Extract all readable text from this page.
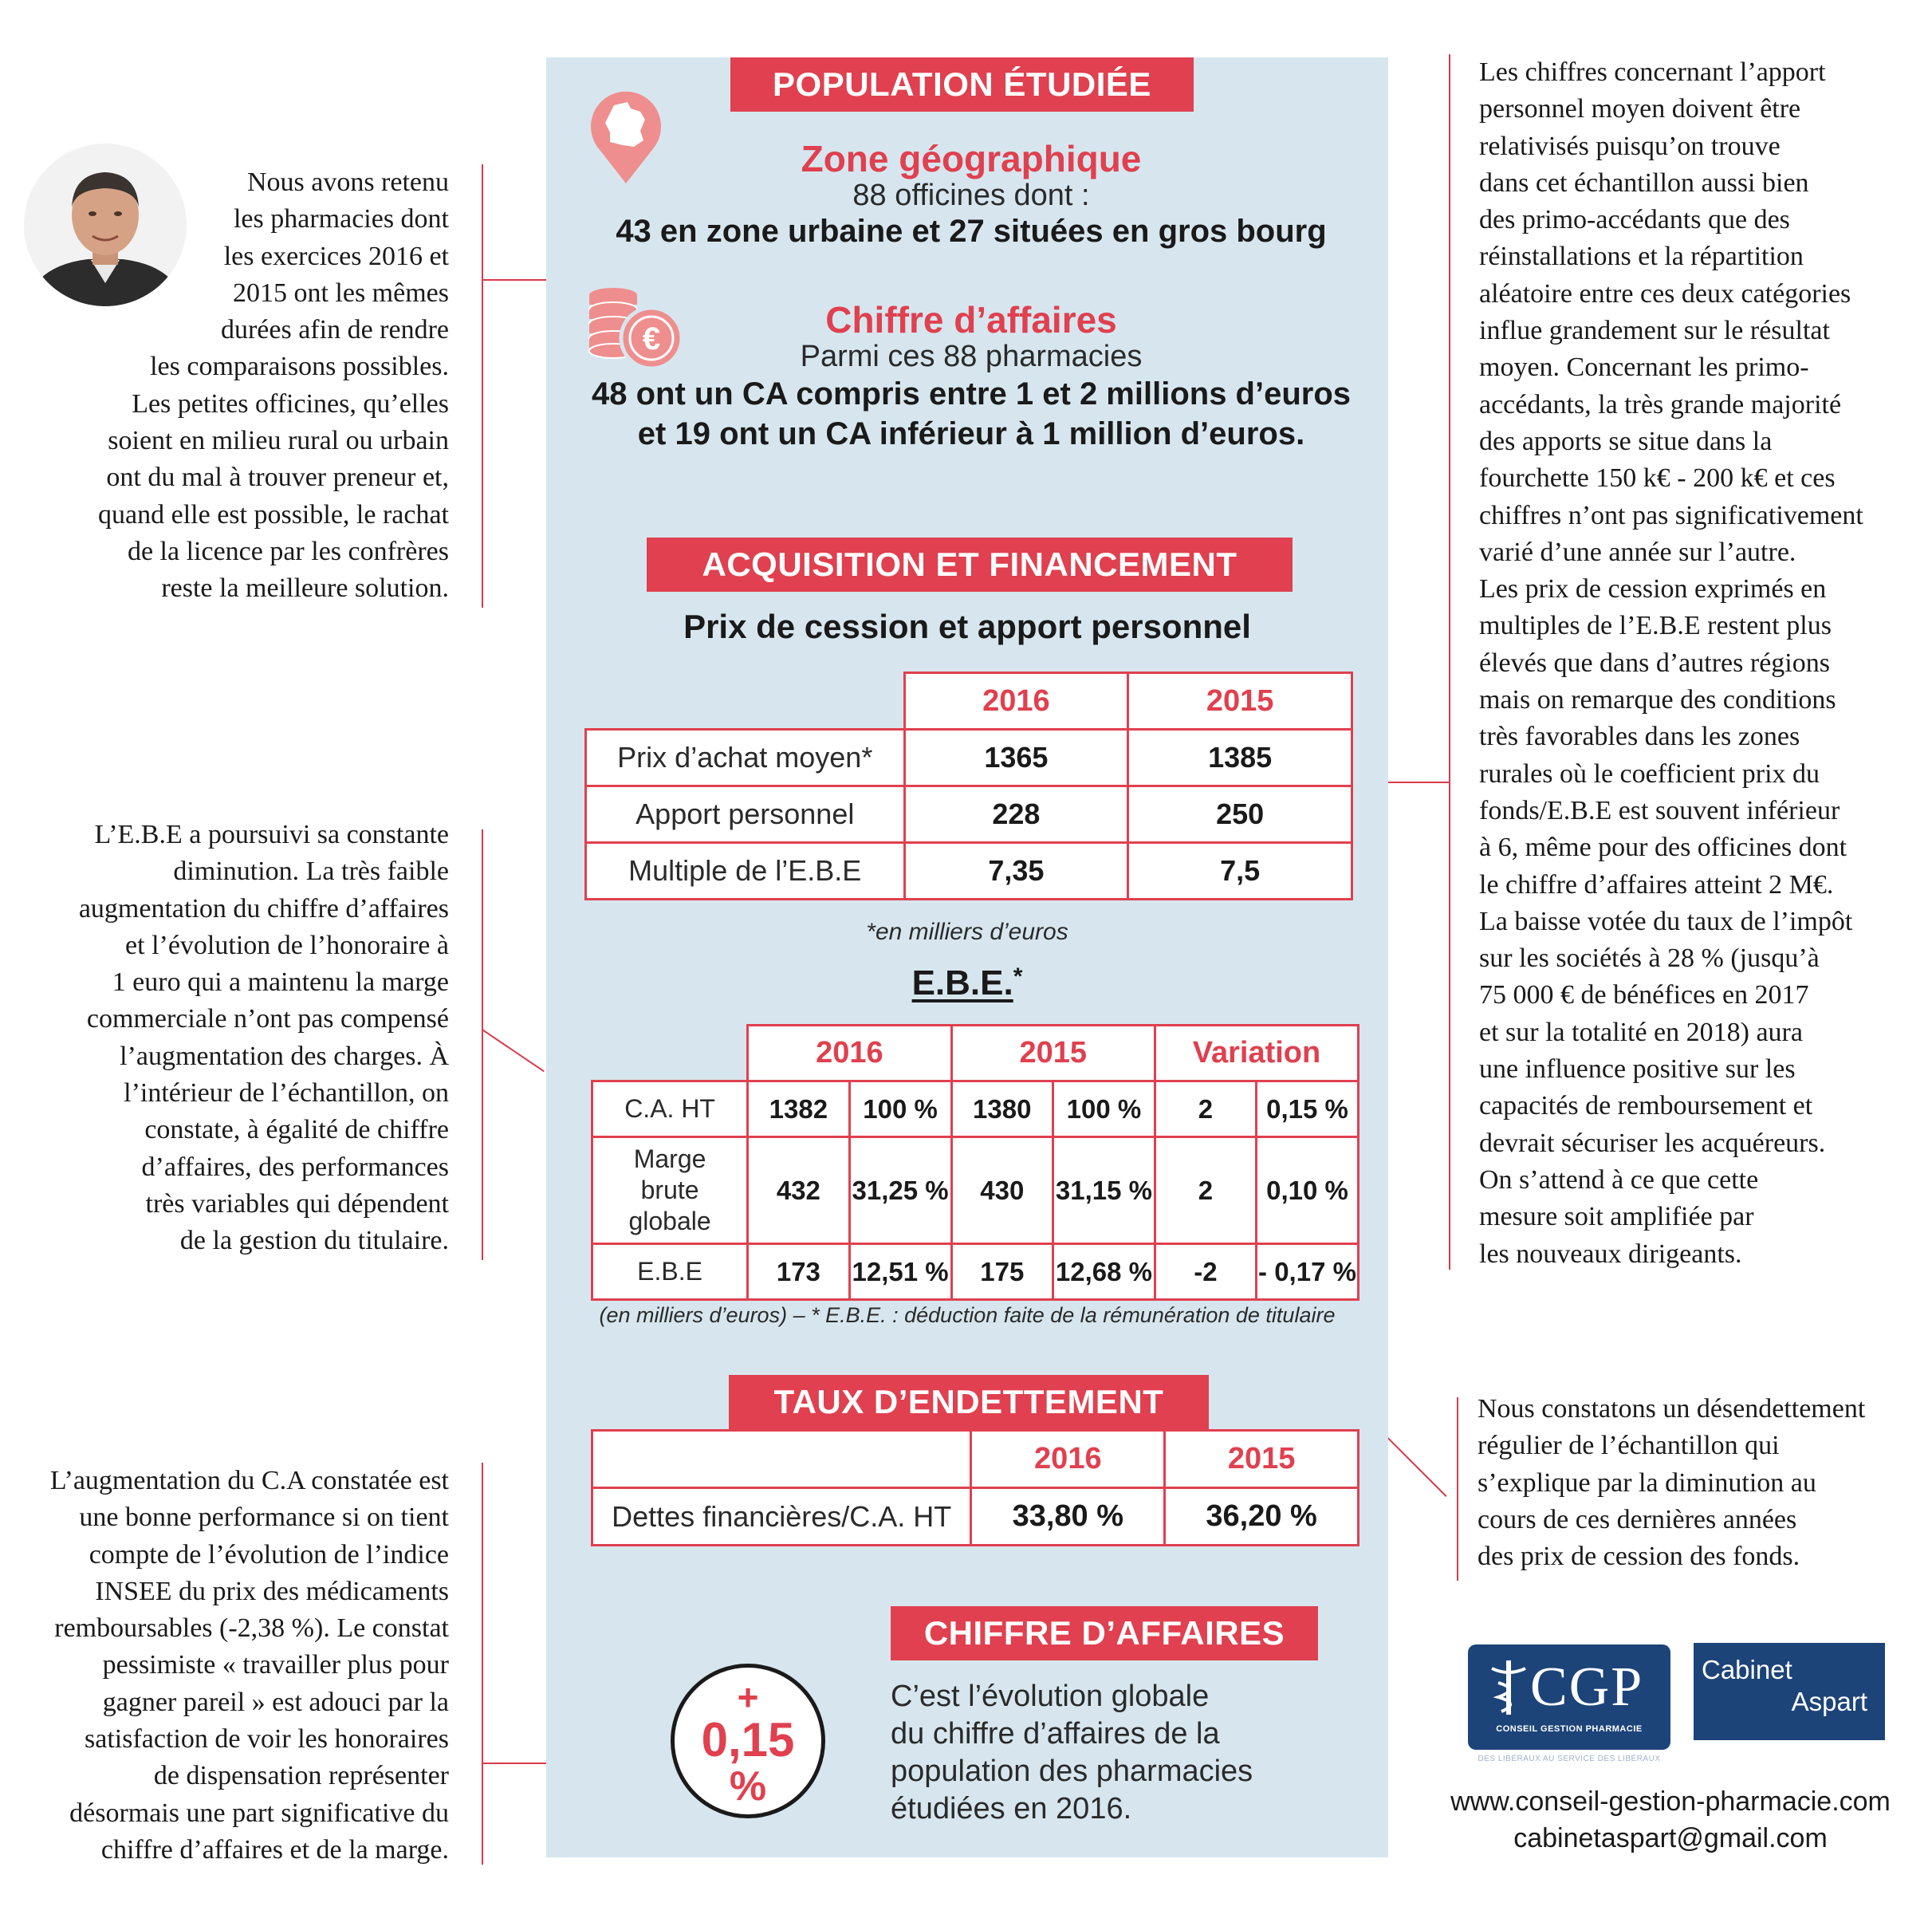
Nous avons retenu
les pharmacies dont
les exercices 2016 et
2015 ont les mêmes
durées afin de rendre
les comparaisons possibles.
Les petites officines, qu’elles
soient en milieu rural ou urbain
ont du mal à trouver preneur et,
quand elle est possible, le rachat
de la licence par les confrères
reste la meilleure solution.
L’E.B.E a poursuivi sa constante
diminution. La très faible
augmentation du chiffre d’affaires
et l’évolution de l’honoraire à
1 euro qui a maintenu la marge
commerciale n’ont pas compensé
l’augmentation des charges. À
l’intérieur de l’échantillon, on
constate, à égalité de chiffre
d’affaires, des performances
très variables qui dépendent
de la gestion du titulaire.
L’augmentation du C.A constatée est
une bonne performance si on tient
compte de l’évolution de l’indice
INSEE du prix des médicaments
remboursables (-2,38 %). Le constat
pessimiste « travailler plus pour
gagner pareil » est adouci par la
satisfaction de voir les honoraires
de dispensation représenter
désormais une part significative du
chiffre d’affaires et de la marge.
Les chiffres concernant l’apport
personnel moyen doivent être
relativisés puisqu’on trouve
dans cet échantillon aussi bien
des primo-accédants que des
réinstallations et la répartition
aléatoire entre ces deux catégories
influe grandement sur le résultat
moyen. Concernant les primo-
accédants, la très grande majorité
des apports se situe dans la
fourchette 150 k€ - 200 k€ et ces
chiffres n’ont pas significativement
varié d’une année sur l’autre.
Les prix de cession exprimés en
multiples de l’E.B.E restent plus
élevés que dans d’autres régions
mais on remarque des conditions
très favorables dans les zones
rurales où le coefficient prix du
fonds/E.B.E est souvent inférieur
à 6, même pour des officines dont
le chiffre d’affaires atteint 2 M€.
La baisse votée du taux de l’impôt
sur les sociétés à 28 % (jusqu’à
75 000 € de bénéfices en 2017
et sur la totalité en 2018) aura
une influence positive sur les
capacités de remboursement et
devrait sécuriser les acquéreurs.
On s’attend à ce que cette
mesure soit amplifiée par
les nouveaux dirigeants.
Nous constatons un désendettement
régulier de l’échantillon qui
s’explique par la diminution au
cours de ces dernières années
des prix de cession des fonds.
POPULATION ÉTUDIÉE
Zone géographique
88 officines dont :
43 en zone urbaine et 27 situées en gros bourg
€	Chiffre d’affaires
Parmi ces 88 pharmacies
48 ont un CA compris entre 1 et 2 millions d’euros
et 19 ont un CA inférieur à 1 million d’euros.
ACQUISITION ET FINANCEMENT
Prix de cession et apport personnel
	2016	2015
Prix d’achat moyen*	1365	1385
Apport personnel	228	250
Multiple de l’E.B.E	7,35	7,5
*en milliers d’euros
E.B.E.*
	2016		2015		Variation	
C.A. HT	1382	100 %	1380	100 %	2	0,15 %

Marge
brute
globale	432	31,25 %	430	31,15 %	2	0,10 %
E.B.E	173	12,51 %	175	12,68 %	-2	- 0,17 %
(en milliers d’euros) – * E.B.E. : déduction faite de la rémunération de titulaire
TAUX D’ENDETTEMENT
	2016	2015
Dettes financières/C.A. HT	33,80 %	36,20 %
CHIFFRE D’AFFAIRES
+
0,15
%
C’est l’évolution globale
du chiffre d’affaires de la
population des pharmacies
étudiées en 2016.
CGP
CONSEIL GESTION PHARMACIE
DES LIBÉRAUX AU SERVICE DES LIBÉRAUX
Cabinet
Aspart
www.conseil-gestion-pharmacie.com
cabinetaspart@gmail.com
